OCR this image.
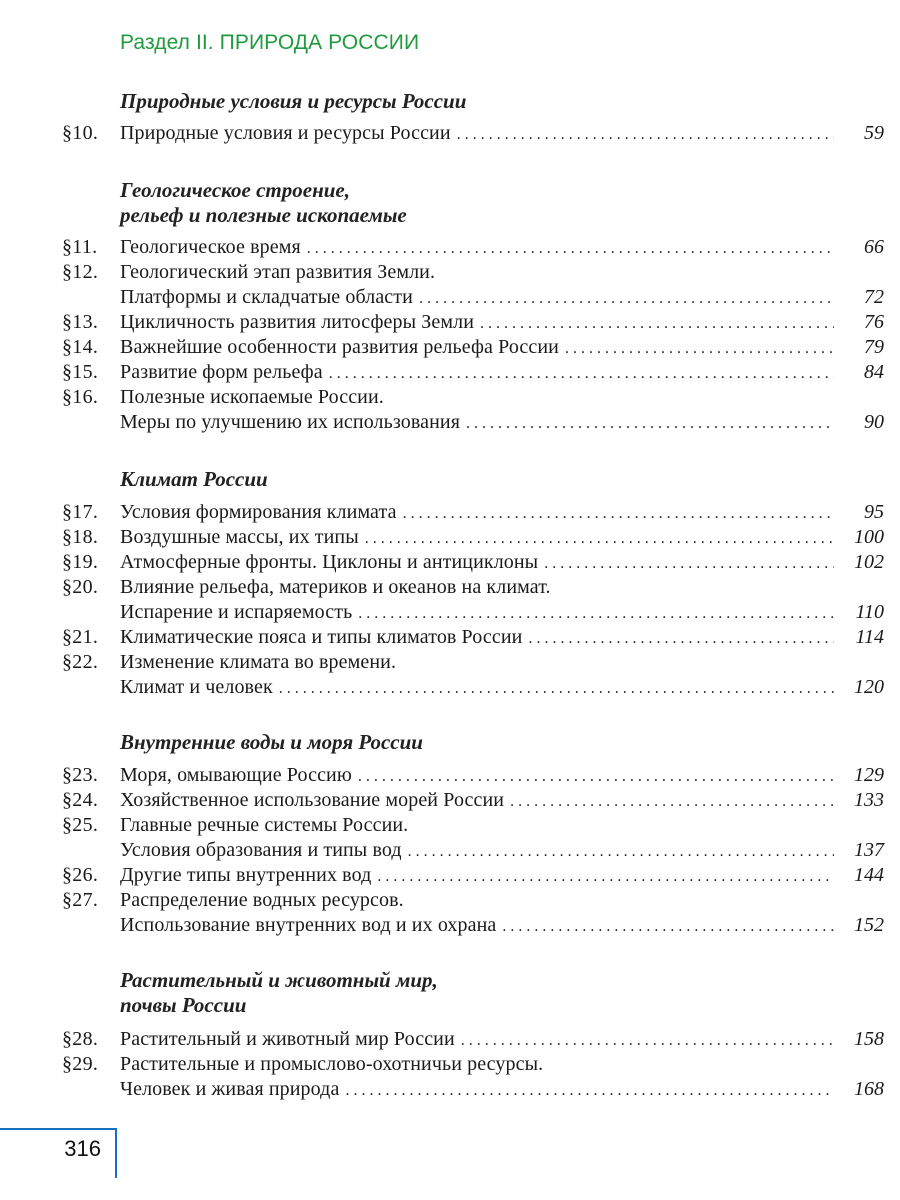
Раздел II. ПРИРОДА РОССИИ
Природные условия и ресурсы России
§10. Природные условия и ресурсы России . . .	59
Геологическое строение,
рельеф и полезные ископаемые
§11. Геологическое время . . .	66
§12. Геологический этап развития Земли.
Платформы и складчатые области . . .	72
§13. Цикличность развития литосферы Земли . . .	76
§14. Важнейшие особенности развития рельефа России . . .	79
§15. Развитие форм рельефа . . .	84
§16. Полезные ископаемые России.
Меры по улучшению их использования . . .	90
Климат России
§17. Условия формирования климата . . .	95
§18. Воздушные массы, их типы . . .	100
§19. Атмосферные фронты. Циклоны и антициклоны . . .	102
§20. Влияние рельефа, материков и океанов на климат.
Испарение и испаряемость . . .	110
§21. Климатические пояса и типы климатов России . . .	114
§22. Изменение климата во времени.
Климат и человек . . .	120
Внутренние воды и моря России
§23. Моря, омывающие Россию . . .	129
§24. Хозяйственное использование морей России . . .	133
§25. Главные речные системы России.
Условия образования и типы вод . . .	137
§26. Другие типы внутренних вод . . .	144
§27. Распределение водных ресурсов.
Использование внутренних вод и их охрана . . .	152
Растительный и животный мир,
почвы России
§28. Растительный и животный мир России . . .	158
§29. Растительные и промыслово-охотничьи ресурсы.
Человек и живая природа . . .	168
316
